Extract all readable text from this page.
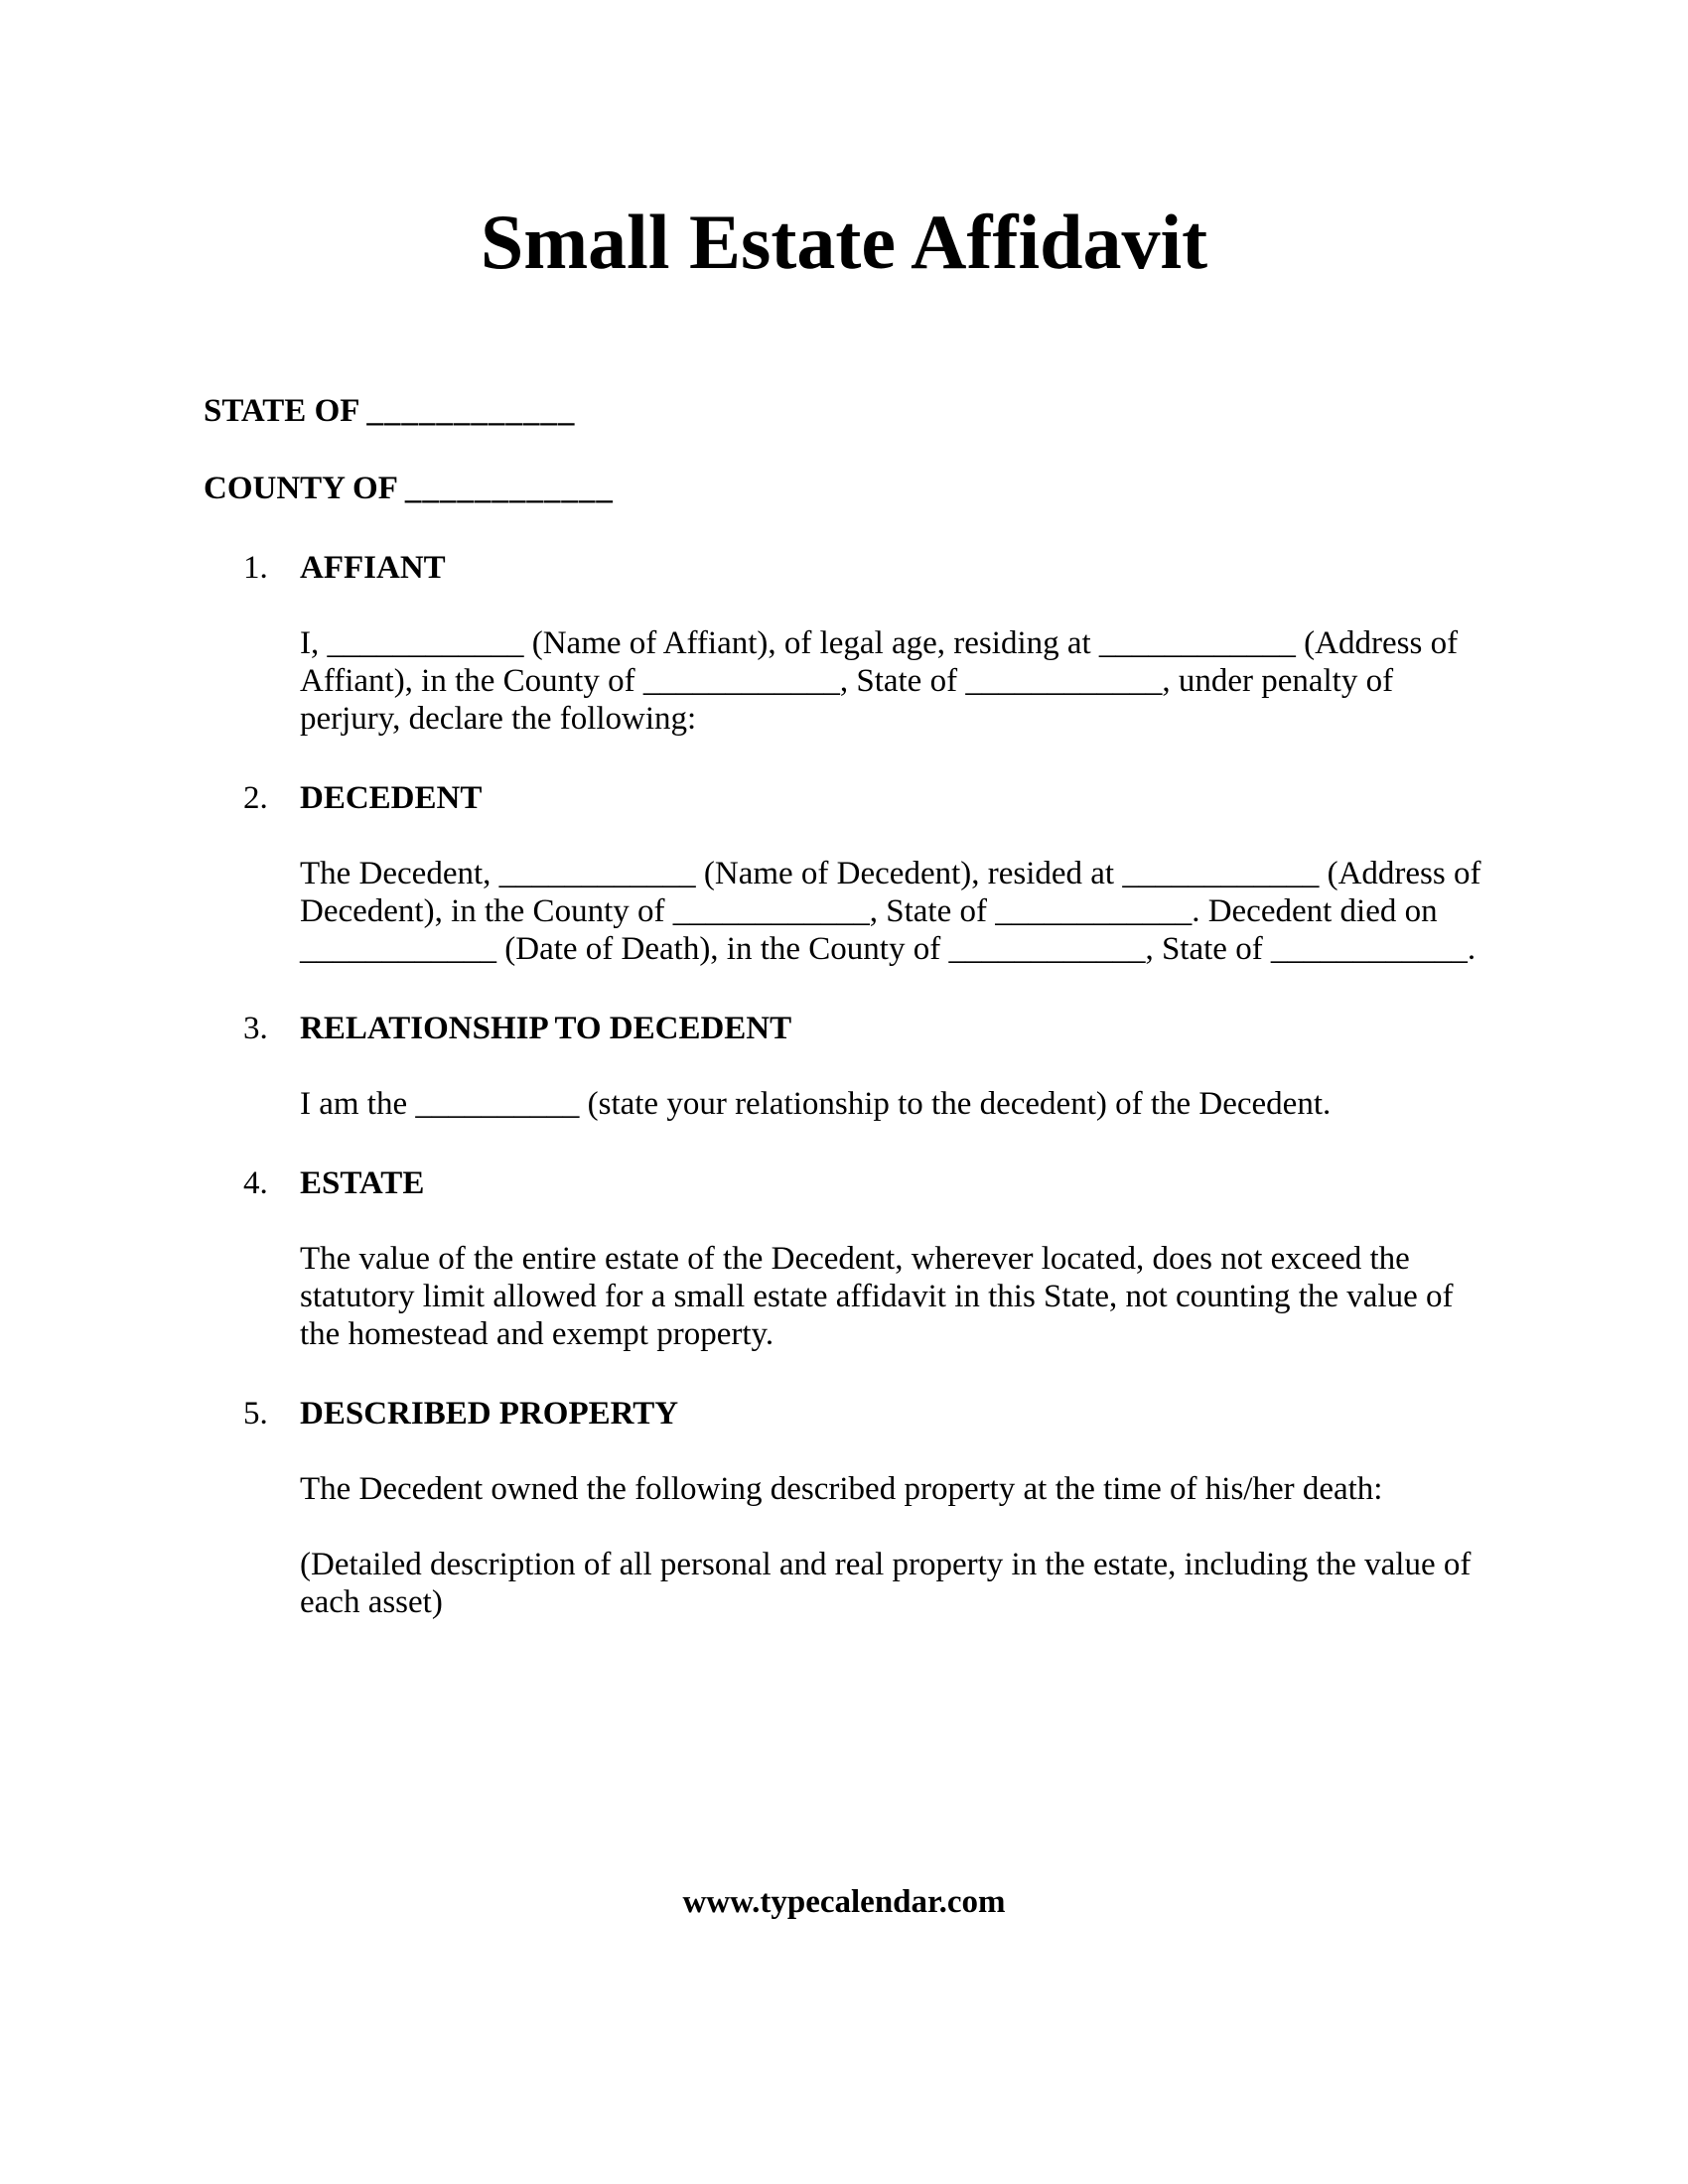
Small Estate Affidavit
STATE OF ____________
COUNTY OF ____________
1. AFFIANT

I, ____________ (Name of Affiant), of legal age, residing at ____________ (Address of Affiant), in the County of ____________, State of ____________, under penalty of perjury, declare the following:

2. DECEDENT

The Decedent, ____________ (Name of Decedent), resided at ____________ (Address of Decedent), in the County of ____________, State of ____________. Decedent died on ____________ (Date of Death), in the County of ____________, State of ____________.

3. RELATIONSHIP TO DECEDENT

I am the __________ (state your relationship to the decedent) of the Decedent.

4. ESTATE

The value of the entire estate of the Decedent, wherever located, does not exceed the statutory limit allowed for a small estate affidavit in this State, not counting the value of the homestead and exempt property.

5. DESCRIBED PROPERTY

The Decedent owned the following described property at the time of his/her death:

(Detailed description of all personal and real property in the estate, including the value of each asset)

www.typecalendar.com
